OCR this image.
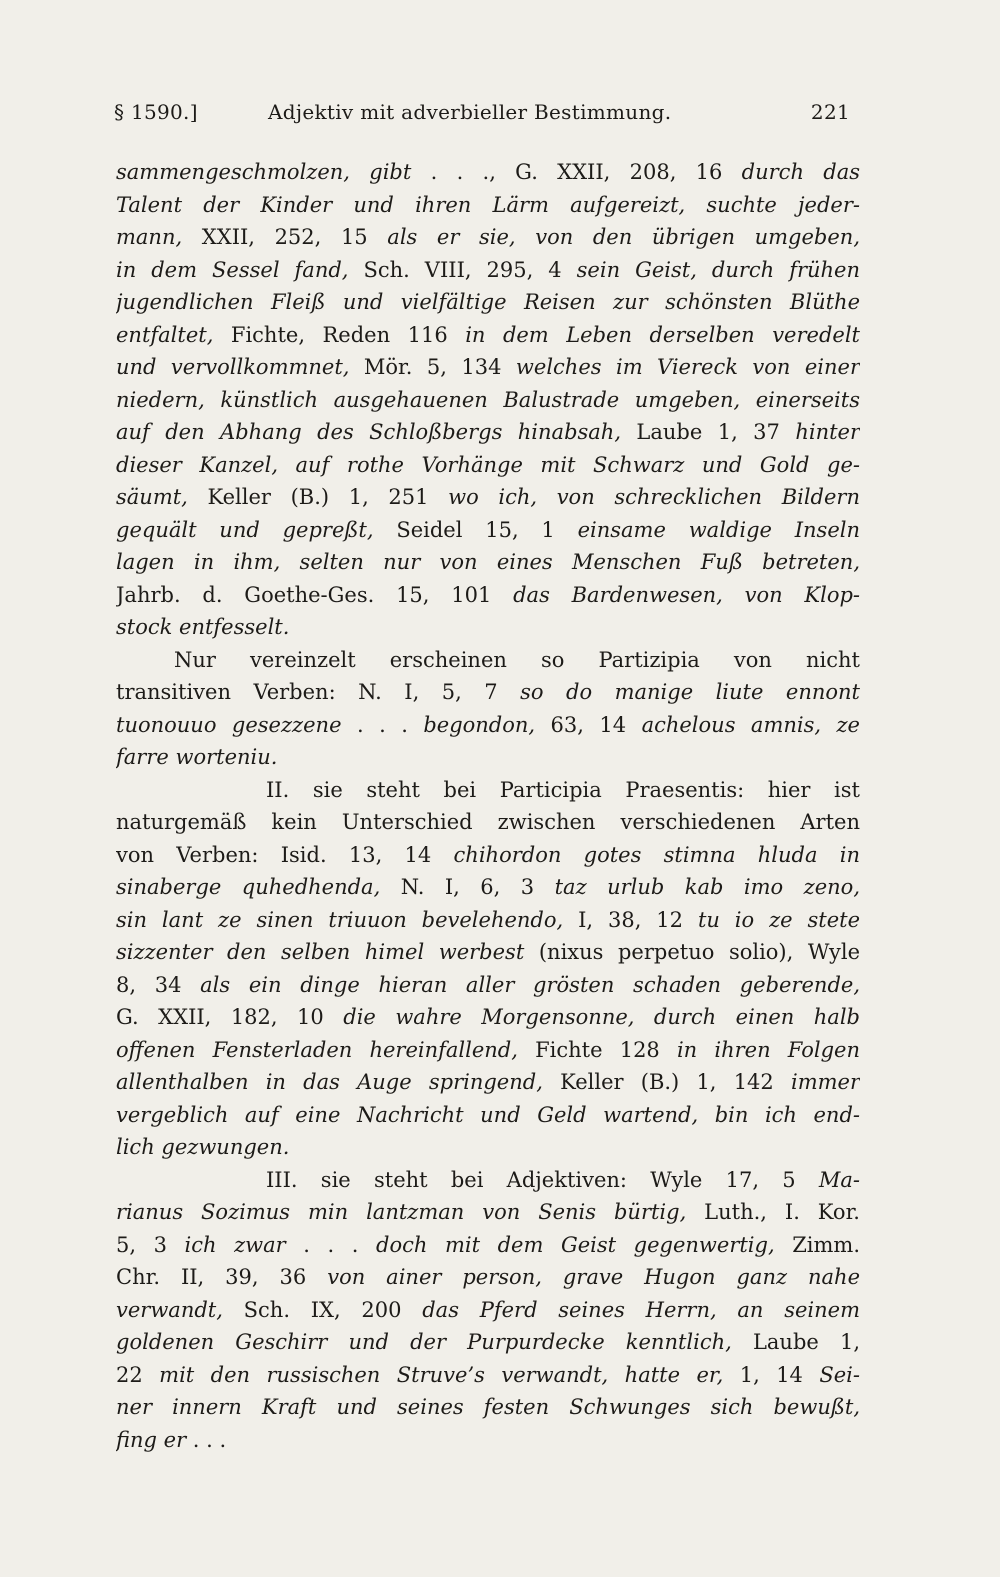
§ 1590.]	Adjektiv mit adverbieller Bestimmung.	221
sammengeschmolzen, gibt . . ., G. XXII, 208, 16 durch das
Talent der Kinder und ihren Lärm aufgereizt, suchte jeder-
mann, XXII, 252, 15 als er sie, von den übrigen umgeben,
in dem Sessel fand, Sch. VIII, 295, 4 sein Geist, durch frühen
jugendlichen Fleiß und vielfältige Reisen zur schönsten Blüthe
entfaltet, Fichte, Reden 116 in dem Leben derselben veredelt
und vervollkommnet, Mör. 5, 134 welches im Viereck von einer
niedern, künstlich ausgehauenen Balustrade umgeben, einerseits
auf den Abhang des Schloßbergs hinabsah, Laube 1, 37 hinter
dieser Kanzel, auf rothe Vorhänge mit Schwarz und Gold ge-
säumt, Keller (B.) 1, 251 wo ich, von schrecklichen Bildern
gequält und gepreßt, Seidel 15, 1 einsame waldige Inseln
lagen in ihm, selten nur von eines Menschen Fuß betreten,
Jahrb. d. Goethe-Ges. 15, 101 das Bardenwesen, von Klop-
stock entfesselt.
Nur vereinzelt erscheinen so Partizipia von nicht
transitiven Verben: N. I, 5, 7 so do manige liute ennont
tuonouuo gesezzene . . . begondon, 63, 14 achelous amnis, ze
farre worteniu.
II. sie steht bei Participia Praesentis: hier ist
naturgemäß kein Unterschied zwischen verschiedenen Arten
von Verben: Isid. 13, 14 chihordon gotes stimna hluda in
sinaberge quhedhenda, N. I, 6, 3 taz urlub kab imo zeno,
sin lant ze sinen triuuon bevelehendo, I, 38, 12 tu io ze stete
sizzenter den selben himel werbest (nixus perpetuo solio), Wyle
8, 34 als ein dinge hieran aller grösten schaden geberende,
G. XXII, 182, 10 die wahre Morgensonne, durch einen halb
offenen Fensterladen hereinfallend, Fichte 128 in ihren Folgen
allenthalben in das Auge springend, Keller (B.) 1, 142 immer
vergeblich auf eine Nachricht und Geld wartend, bin ich end-
lich gezwungen.
III. sie steht bei Adjektiven: Wyle 17, 5 Ma-
rianus Sozimus min lantzman von Senis bürtig, Luth., I. Kor.
5, 3 ich zwar . . . doch mit dem Geist gegenwertig, Zimm.
Chr. II, 39, 36 von ainer person, grave Hugon ganz nahe
verwandt, Sch. IX, 200 das Pferd seines Herrn, an seinem
goldenen Geschirr und der Purpurdecke kenntlich, Laube 1,
22 mit den russischen Struve’s verwandt, hatte er, 1, 14 Sei-
ner innern Kraft und seines festen Schwunges sich bewußt,
fing er . . .
